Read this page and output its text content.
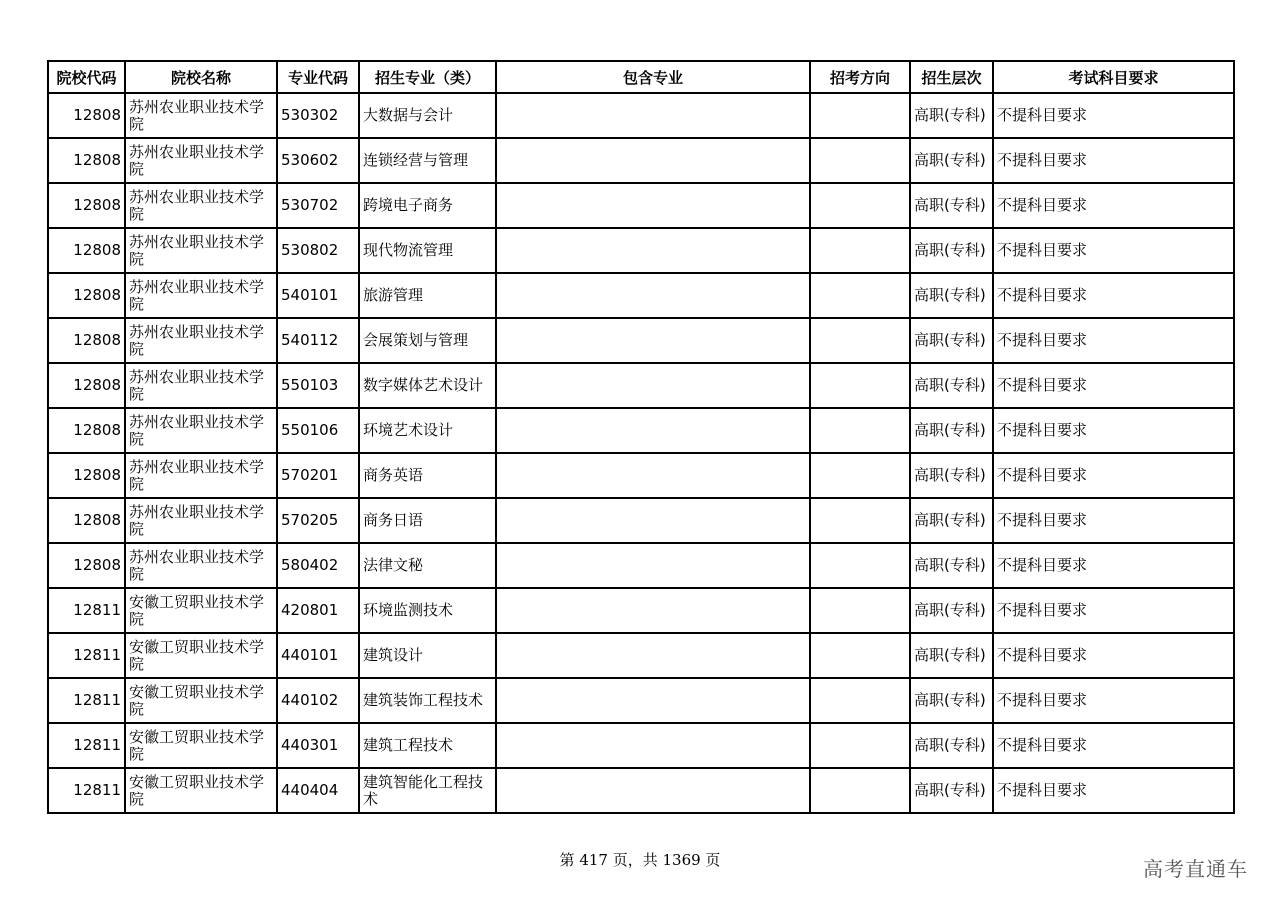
院校代码	院校名称	专业代码	招生专业（类）	包含专业	招考方向	招生层次	考试科目要求
12808	苏州农业职业技术学院	530302	大数据与会计			高职(专科)	不提科目要求
12808	苏州农业职业技术学院	530602	连锁经营与管理			高职(专科)	不提科目要求
12808	苏州农业职业技术学院	530702	跨境电子商务			高职(专科)	不提科目要求
12808	苏州农业职业技术学院	530802	现代物流管理			高职(专科)	不提科目要求
12808	苏州农业职业技术学院	540101	旅游管理			高职(专科)	不提科目要求
12808	苏州农业职业技术学院	540112	会展策划与管理			高职(专科)	不提科目要求
12808	苏州农业职业技术学院	550103	数字媒体艺术设计			高职(专科)	不提科目要求
12808	苏州农业职业技术学院	550106	环境艺术设计			高职(专科)	不提科目要求
12808	苏州农业职业技术学院	570201	商务英语			高职(专科)	不提科目要求
12808	苏州农业职业技术学院	570205	商务日语			高职(专科)	不提科目要求
12808	苏州农业职业技术学院	580402	法律文秘			高职(专科)	不提科目要求
12811	安徽工贸职业技术学院	420801	环境监测技术			高职(专科)	不提科目要求
12811	安徽工贸职业技术学院	440101	建筑设计			高职(专科)	不提科目要求
12811	安徽工贸职业技术学院	440102	建筑装饰工程技术			高职(专科)	不提科目要求
12811	安徽工贸职业技术学院	440301	建筑工程技术			高职(专科)	不提科目要求
12811	安徽工贸职业技术学院	440404	建筑智能化工程技术			高职(专科)	不提科目要求
第 417 页，共 1369 页	高考直通车
